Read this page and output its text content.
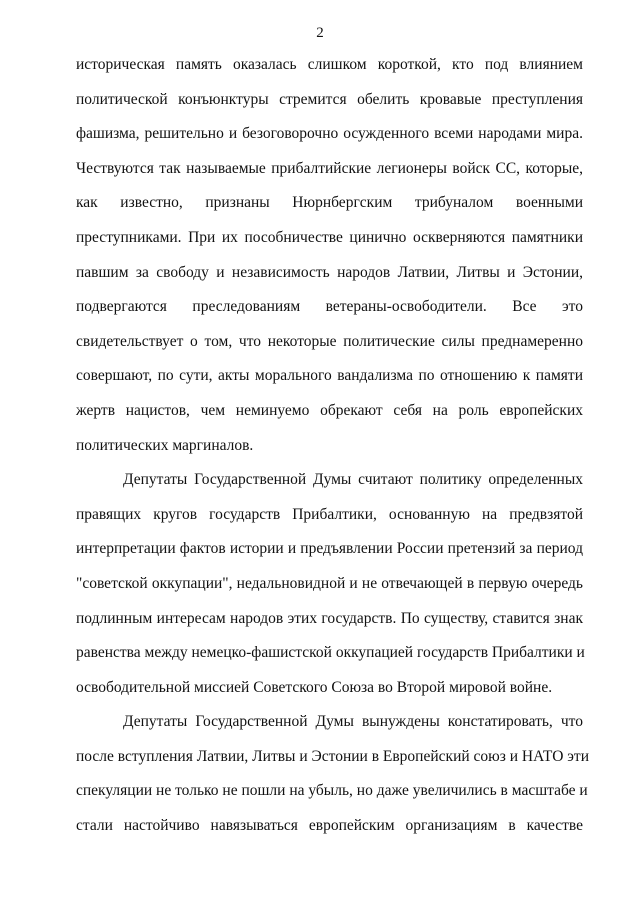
2

историческая память оказалась слишком короткой, кто под влиянием
политической конъюнктуры стремится обелить кровавые преступления
фашизма, решительно и безоговорочно осужденного всеми народами мира.
Чествуются так называемые прибалтийские легионеры войск СС, которые,
как известно, признаны Нюрнбергским трибуналом военными
преступниками. При их пособничестве цинично оскверняются памятники
павшим за свободу и независимость народов Латвии, Литвы и Эстонии,
подвергаются преследованиям ветераны-освободители. Все это
свидетельствует о том, что некоторые политические силы преднамеренно
совершают, по сути, акты морального вандализма по отношению к памяти
жертв нацистов, чем неминуемо обрекают себя на роль европейских
политических маргиналов.

Депутаты Государственной Думы считают политику определенных
правящих кругов государств Прибалтики, основанную на предвзятой
интерпретации фактов истории и предъявлении России претензий за период
"советской оккупации", недальновидной и не отвечающей в первую очередь
подлинным интересам народов этих государств. По существу, ставится знак
равенства между немецко-фашистской оккупацией государств Прибалтики и
освободительной миссией Советского Союза во Второй мировой войне.

Депутаты Государственной Думы вынуждены констатировать, что
после вступления Латвии, Литвы и Эстонии в Европейский союз и НАТО эти
спекуляции не только не пошли на убыль, но даже увеличились в масштабе и
стали настойчиво навязываться европейским организациям в качестве
